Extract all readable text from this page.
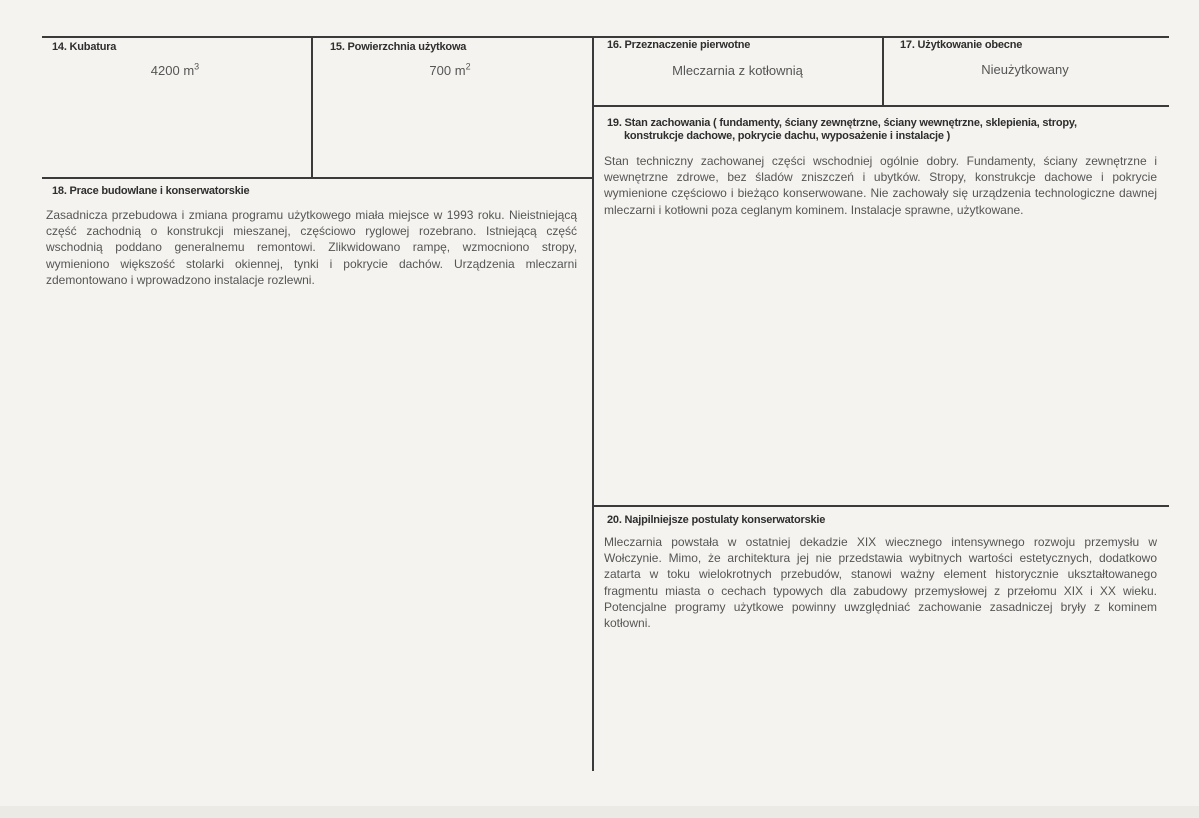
14. Kubatura
4200 $m^3$
15. Powierzchnia użytkowa
700 $m^2$
16. Przeznaczenie pierwotne
Mleczarnia z kotłownią
17. Użytkowanie obecne
Nieużytkowany
18. Prace budowlane i konserwatorskie
Zasadnicza przebudowa i zmiana programu użytkowego miała miejsce w 1993 roku. Nieistniejącą część zachodnią o konstrukcji mieszanej, częściowo ryglowej rozebrano. Istniejącą część wschodnią poddano generalnemu remontowi. Zlikwidowano rampę, wzmocniono stropy, wymieniono większość stolarki okiennej, tynki i pokrycie dachów. Urządzenia mleczarni zdemontowano i wprowadzono instalacje rozlewni.
19. Stan zachowania ( fundamenty, ściany zewnętrzne, ściany wewnętrzne, sklepienia, stropy,
konstrukcje dachowe, pokrycie dachu, wyposażenie i instalacje )
Stan techniczny zachowanej części wschodniej ogólnie dobry. Fundamenty, ściany zewnętrzne i wewnętrzne zdrowe, bez śladów zniszczeń i ubytków. Stropy, konstrukcje dachowe i pokrycie wymienione częściowo i bieżąco konserwowane. Nie zachowały się urządzenia technologiczne dawnej mleczarni i kotłowni poza ceglanym kominem. Instalacje sprawne, użytkowane.
20. Najpilniejsze postulaty konserwatorskie
Mleczarnia powstała w ostatniej dekadzie XIX wiecznego intensywnego rozwoju przemysłu w Wołczynie. Mimo, że architektura jej nie przedstawia wybitnych wartości estetycznych, dodatkowo zatarta w toku wielokrotnych przebudów, stanowi ważny element historycznie ukształtowanego fragmentu miasta o cechach typowych dla zabudowy przemysłowej z przełomu XIX i XX wieku. Potencjalne programy użytkowe powinny uwzględniać zachowanie zasadniczej bryły z kominem kotłowni.
